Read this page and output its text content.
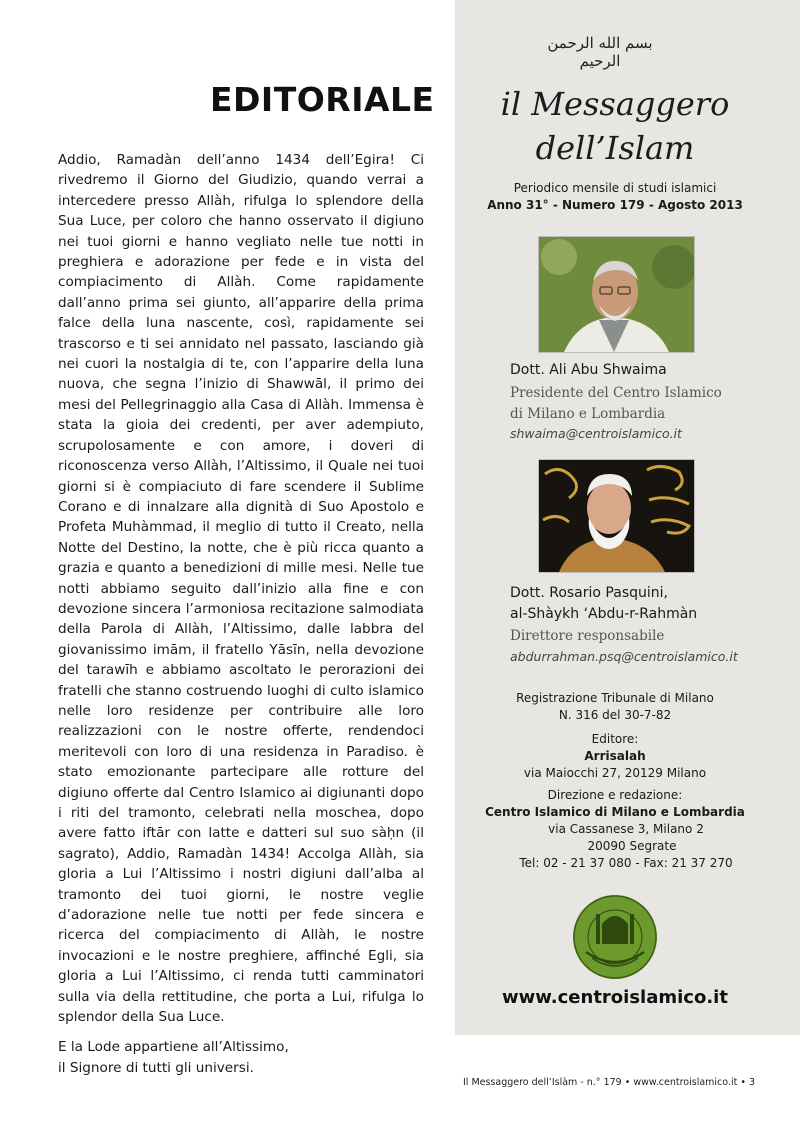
EDITORIALE

Addio, Ramadàn dell’anno 1434 dell’Egira! Ci rivedremo il Giorno del Giudizio, quando verrai a intercedere presso Allàh, rifulga lo splendore della Sua Luce, per coloro che hanno osservato il digiuno nei tuoi giorni e hanno vegliato nelle tue notti in preghiera e adorazione per fede e in vista del compiacimento di Allàh. Come rapidamente dall’anno prima sei giunto, all’apparire della prima falce della luna nascente, così, rapidamente sei trascorso e ti sei annidato nel passato, lasciando già nei cuori la nostalgia di te, con l’apparire della luna nuova, che segna l’inizio di Shawwāl, il primo dei mesi del Pellegrinaggio alla Casa di Allàh. Immensa è stata la gioia dei credenti, per aver adempiuto, scrupolosamente e con amore, i doveri di riconoscenza verso Allàh, l’Altissimo, il Quale nei tuoi giorni si è compiaciuto di fare scendere il Sublime Corano e di innalzare alla dignità di Suo Apostolo e Profeta Muhàmmad, il meglio di tutto il Creato, nella Notte del Destino, la notte, che è più ricca quanto a grazia e quanto a benedizioni di mille mesi. Nelle tue notti abbiamo seguito dall’inizio alla fine e con devozione sincera l’armoniosa recitazione salmodiata della Parola di Allàh, l’Altissimo, dalle labbra del giovanissimo imām, il fratello Yāsīn, nella devozione del tarawīh e abbiamo ascoltato le perorazioni dei fratelli che stanno costruendo luoghi di culto islamico nelle loro residenze per contribuire alle loro realizzazioni con le nostre offerte, rendendoci meritevoli con loro di una residenza in Paradiso. è stato emozionante partecipare alle rotture del digiuno offerte dal Centro Islamico ai digiunanti dopo i riti del tramonto, celebrati nella moschea, dopo avere fatto iftār con latte e datteri sul suo sàḥn (il sagrato), Addio, Ramadàn 1434! Accolga Allàh, sia gloria a Lui l’Altissimo i nostri digiuni dall’alba al tramonto dei tuoi giorni, le nostre veglie d’adorazione nelle tue notti per fede sincera e ricerca del compiacimento di Allàh, le nostre invocazioni e le nostre preghiere, affinché Egli, sia gloria a Lui l’Altissimo, ci renda tutti camminatori sulla via della rettitudine, che porta a Lui, rifulga lo splendor della Sua Luce.

E la Lode appartiene all’Altissimo,
il Signore di tutti gli universi.
بسم الله الرحمن الرحيم
il Messaggero
dell’Islam
Periodico mensile di studi islamici
Anno 31° - Numero 179 - Agosto 2013
Dott. Ali Abu Shwaima
Presidente del Centro Islamico
di Milano e Lombardia
shwaima@centroislamico.it
Dott. Rosario Pasquini,
al-Shàykh ‘Abdu-r-Rahmàn
Direttore responsabile
abdurrahman.psq@centroislamico.it
Registrazione Tribunale di Milano
N. 316 del 30-7-82
Editore:
Arrisalah
via Maiocchi 27, 20129 Milano
Direzione e redazione:
Centro Islamico di Milano e Lombardia
via Cassanese 3, Milano 2
20090 Segrate
Tel: 02 - 21 37 080 - Fax: 21 37 270
www.centroislamico.it
Il Messaggero dell’Islàm - n.° 179 • www.centroislamico.it • 3
